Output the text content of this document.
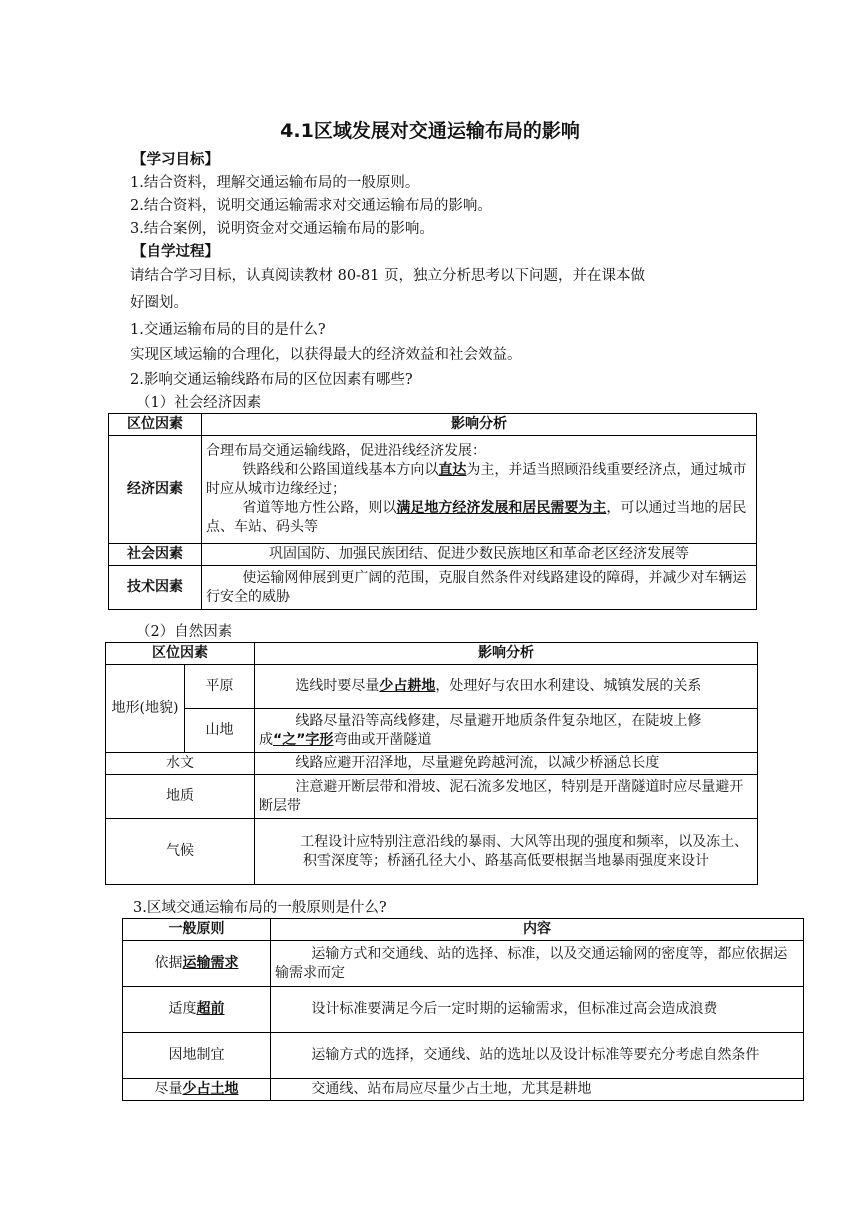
4.1区域发展对交通运输布局的影响
【学习目标】
1.结合资料，理解交通运输布局的一般原则。
2.结合资料，说明交通运输需求对交通运输布局的影响。
3.结合案例，说明资金对交通运输布局的影响。
【自学过程】
请结合学习目标，认真阅读教材 80-81 页，独立分析思考以下问题，并在课本做
好圈划。
1.交通运输布局的目的是什么?
实现区域运输的合理化，以获得最大的经济效益和社会效益。
2.影响交通运输线路布局的区位因素有哪些?
（1）社会经济因素
区位因素	影响分析
经济因素	合理布局交通运输线路，促进沿线经济发展：

铁路线和公路国道线基本方向以直达为主，并适当照顾沿线重要经济点，通过城市时应从城市边缘经过；

省道等地方性公路，则以满足地方经济发展和居民需要为主，可以通过当地的居民点、车站、码头等

社会因素	巩固国防、加强民族团结、促进少数民族地区和革命老区经济发展等
技术因素	使运输网伸展到更广阔的范围，克服自然条件对线路建设的障碍，并减少对车辆运行安全的威胁
（2）自然因素
区位因素		影响分析
地形(地貌)	平原	选线时要尽量少占耕地，处理好与农田水利建设、城镇发展的关系
	山地	线路尽量沿等高线修建，尽量避开地质条件复杂地区，在陡坡上修成“之”字形弯曲或开凿隧道
水文		线路应避开沼泽地，尽量避免跨越河流，以减少桥涵总长度
地质		注意避开断层带和滑坡、泥石流多发地区，特别是开凿隧道时应尽量避开断层带
气候		工程设计应特别注意沿线的暴雨、大风等出现的强度和频率，以及冻土、积雪深度等；桥涵孔径大小、路基高低要根据当地暴雨强度来设计
3.区域交通运输布局的一般原则是什么?
一般原则	内容
依据运输需求	运输方式和交通线、站的选择、标准，以及交通运输网的密度等，都应依据运输需求而定
适度超前	设计标准要满足今后一定时期的运输需求，但标准过高会造成浪费
因地制宜	运输方式的选择，交通线、站的选址以及设计标准等要充分考虑自然条件
尽量少占土地	交通线、站布局应尽量少占土地，尤其是耕地
